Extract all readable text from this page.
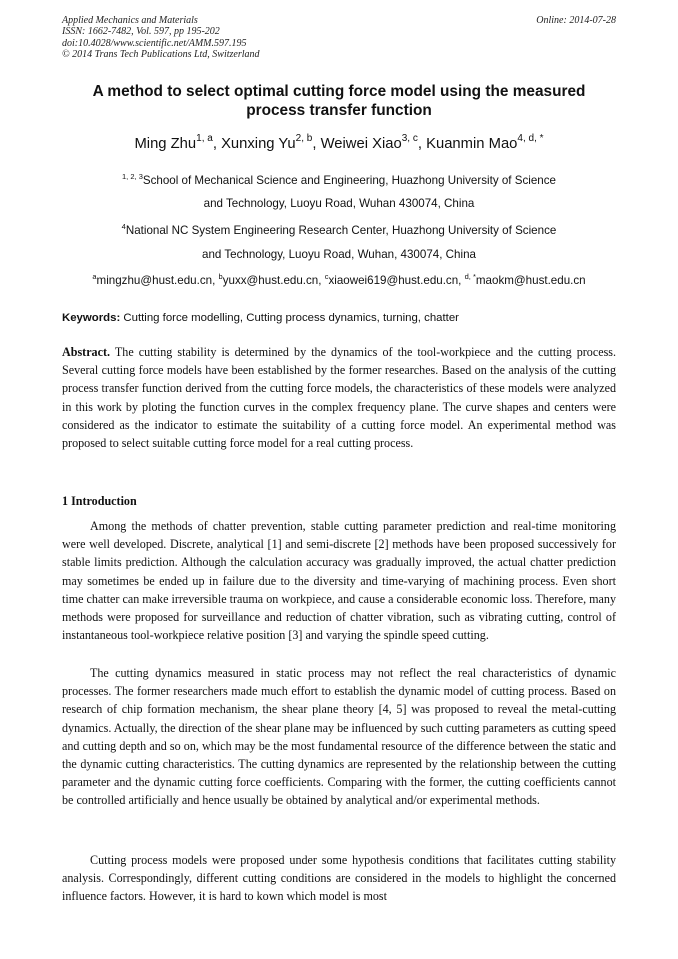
Applied Mechanics and Materials
ISSN: 1662-7482, Vol. 597, pp 195-202
doi:10.4028/www.scientific.net/AMM.597.195
© 2014 Trans Tech Publications Ltd, Switzerland
Online: 2014-07-28
A method to select optimal cutting force model using the measured process transfer function
Ming Zhu$^{1, a}$, Xunxing Yu$^{2, b}$, Weiwei Xiao$^{3, c}$, Kuanmin Mao$^{4, d, *}$
$^{1, 2, 3}$School of Mechanical Science and Engineering, Huazhong University of Science
and Technology, Luoyu Road, Wuhan 430074, China
$^4$National NC System Engineering Research Center, Huazhong University of Science
and Technology, Luoyu Road, Wuhan, 430074, China
$^a$mingzhu@hust.edu.cn, $^b$yuxx@hust.edu.cn, $^c$xiaowei619@hust.edu.cn, $^{d, *}$maokm@hust.edu.cn
Keywords: Cutting force modelling, Cutting process dynamics, turning, chatter
Abstract. The cutting stability is determined by the dynamics of the tool-workpiece and the cutting process. Several cutting force models have been established by the former researches. Based on the analysis of the cutting process transfer function derived from the cutting force models, the characteristics of these models were analyzed in this work by ploting the function curves in the complex frequency plane. The curve shapes and centers were considered as the indicator to estimate the suitability of a cutting force model. An experimental method was proposed to select suitable cutting force model for a real cutting process.
1 Introduction
Among the methods of chatter prevention, stable cutting parameter prediction and real-time monitoring were well developed. Discrete, analytical [1] and semi-discrete [2] methods have been proposed successively for stable limits prediction. Although the calculation accuracy was gradually improved, the actual chatter prediction may sometimes be ended up in failure due to the diversity and time-varying of machining process. Even short time chatter can make irreversible trauma on workpiece, and cause a considerable economic loss. Therefore, many methods were proposed for surveillance and reduction of chatter vibration, such as vibrating cutting, control of instantaneous tool-workpiece relative position [3] and varying the spindle speed cutting.
The cutting dynamics measured in static process may not reflect the real characteristics of dynamic processes. The former researchers made much effort to establish the dynamic model of cutting process. Based on research of chip formation mechanism, the shear plane theory [4, 5] was proposed to reveal the metal-cutting dynamics. Actually, the direction of the shear plane may be influenced by such cutting parameters as cutting speed and cutting depth and so on, which may be the most fundamental resource of the difference between the static and the dynamic cutting characteristics. The cutting dynamics are represented by the relationship between the cutting parameter and the dynamic cutting force coefficients. Comparing with the former, the cutting coefficients cannot be controlled artificially and hence usually be obtained by analytical and/or experimental methods.
Cutting process models were proposed under some hypothesis conditions that facilitates cutting stability analysis. Correspondingly, different cutting conditions are considered in the models to highlight the concerned influence factors. However, it is hard to kown which model is most
